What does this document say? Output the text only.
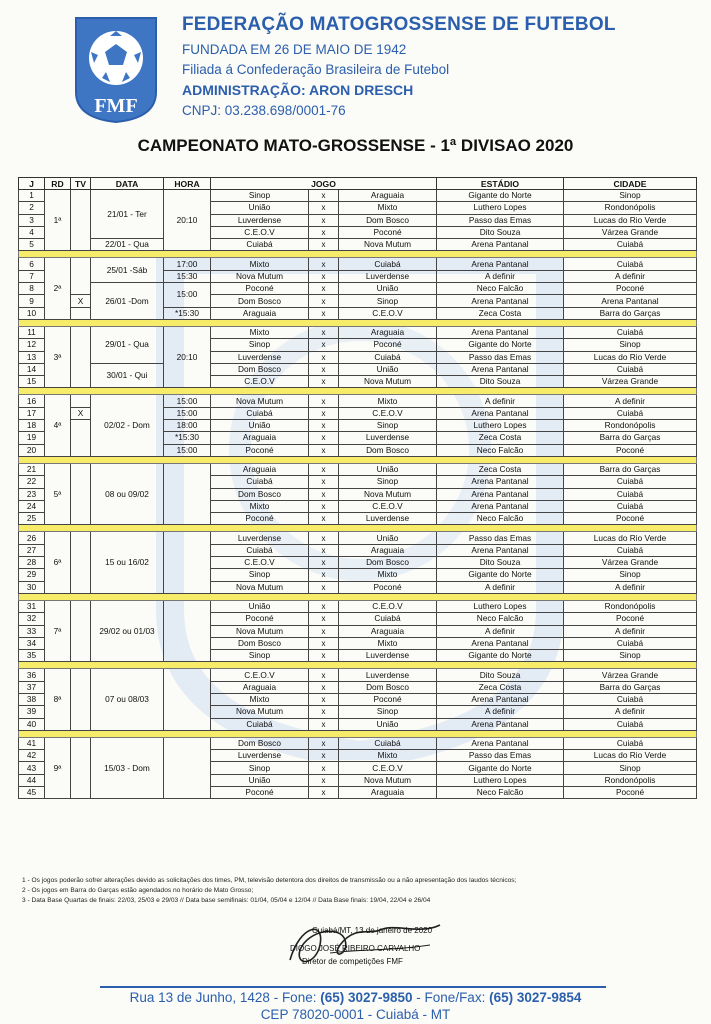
FMF
FEDERAÇÃO MATOGROSSENSE DE FUTEBOL
FUNDADA EM 26 DE MAIO DE 1942
Filiada á Confederação Brasileira de Futebol
ADMINISTRAÇÃO: ARON DRESCH
CNPJ: 03.238.698/0001-76
CAMPEONATO MATO-GROSSENSE - 1ª DIVISAO 2020
J	RD	TV	DATA	HORA	JOGO			ESTÁDIO	CIDADE
1	1ª		21/01 - Ter	20:10	Sinop	x	Araguaia	Gigante do Norte	Sinop
2					União	x	Mixto	Luthero Lopes	Rondonópolis
3					Luverdense	x	Dom Bosco	Passo das Emas	Lucas do Rio Verde
4					C.E.O.V	x	Poconé	Dito Souza	Várzea Grande
5			22/01 - Qua		Cuiabá	x	Nova Mutum	Arena Pantanal	Cuiabá

6	2ª		25/01 -Sáb	17:00	Mixto	x	Cuiabá	Arena Pantanal	Cuiabá
7				15:30	Nova Mutum	x	Luverdense	A definir	A definir
8			26/01 -Dom	15:00	Poconé	x	União	Neco Falcão	Poconé
9		X			Dom Bosco	x	Sinop	Arena Pantanal	Arena Pantanal
10				*15:30	Araguaia	x	C.E.O.V	Zeca Costa	Barra do Garças

11	3ª		29/01 - Qua	20:10	Mixto	x	Araguaia	Arena Pantanal	Cuiabá
12					Sinop	x	Poconé	Gigante do Norte	Sinop
13					Luverdense	x	Cuiabá	Passo das Emas	Lucas do Rio Verde
14			30/01 - Qui		Dom Bosco	x	União	Arena Pantanal	Cuiabá
15					C.E.O.V	x	Nova Mutum	Dito Souza	Várzea Grande

16	4ª		02/02 - Dom	15:00	Nova Mutum	x	Mixto	A definir	A definir
17		X		15:00	Cuiabá	x	C.E.O.V	Arena Pantanal	Cuiabá
18				18:00	União	x	Sinop	Luthero Lopes	Rondonópolis
19				*15:30	Araguaia	x	Luverdense	Zeca Costa	Barra do Garças
20				15:00	Poconé	x	Dom Bosco	Neco Falcão	Poconé

21	5ª		08 ou 09/02		Araguaia	x	União	Zeca Costa	Barra do Garças
22					Cuiabá	x	Sinop	Arena Pantanal	Cuiabá
23					Dom Bosco	x	Nova Mutum	Arena Pantanal	Cuiabá
24					Mixto	x	C.E.O.V	Arena Pantanal	Cuiabá
25					Poconé	x	Luverdense	Neco Falcão	Poconé

26	6ª		15 ou 16/02		Luverdense	x	União	Passo das Emas	Lucas do Rio Verde
27					Cuiabá	x	Araguaia	Arena Pantanal	Cuiabá
28					C.E.O.V	x	Dom Bosco	Dito Souza	Várzea Grande
29					Sinop	x	Mixto	Gigante do Norte	Sinop
30					Nova Mutum	x	Poconé	A definir	A definir

31	7ª		29/02 ou 01/03		União	x	C.E.O.V	Luthero Lopes	Rondonópolis
32					Poconé	x	Cuiabá	Neco Falcão	Poconé
33					Nova Mutum	x	Araguaia	A definir	A definir
34					Dom Bosco	x	Mixto	Arena Pantanal	Cuiabá
35					Sinop	x	Luverdense	Gigante do Norte	Sinop

36	8ª		07 ou 08/03		C.E.O.V	x	Luverdense	Dito Souza	Várzea Grande
37					Araguaia	x	Dom Bosco	Zeca Costa	Barra do Garças
38					Mixto	x	Poconé	Arena Pantanal	Cuiabá
39					Nova Mutum	x	Sinop	A definir	A definir
40					Cuiabá	x	União	Arena Pantanal	Cuiabá

41	9ª		15/03 - Dom		Dom Bosco	x	Cuiabá	Arena Pantanal	Cuiabá
42					Luverdense	x	Mixto	Passo das Emas	Lucas do Rio Verde
43					Sinop	x	C.E.O.V	Gigante do Norte	Sinop
44					União	x	Nova Mutum	Luthero Lopes	Rondonópolis
45					Poconé	x	Araguaia	Neco Falcão	Poconé
1 - Os jogos poderão sofrer alterações devido as solicitações dos times, PM, televisão detentora dos direitos de transmissão ou a não apresentação dos laudos técnicos;
2 - Os jogos em Barra do Garças estão agendados no horário de Mato Grosso;
3 - Data Base Quartas de finais: 22/03, 25/03 e 29/03 // Data base semifinais: 01/04, 05/04 e 12/04 // Data Base finais: 19/04, 22/04 e 26/04
Cuiabá/MT, 13 de janeiro de 2020
DIOGO JOSÉ RIBEIRO CARVALHO
Diretor de competições FMF
Rua 13 de Junho, 1428 - Fone: (65) 3027-9850 - Fone/Fax: (65) 3027-9854
CEP 78020-0001 - Cuiabá - MT
